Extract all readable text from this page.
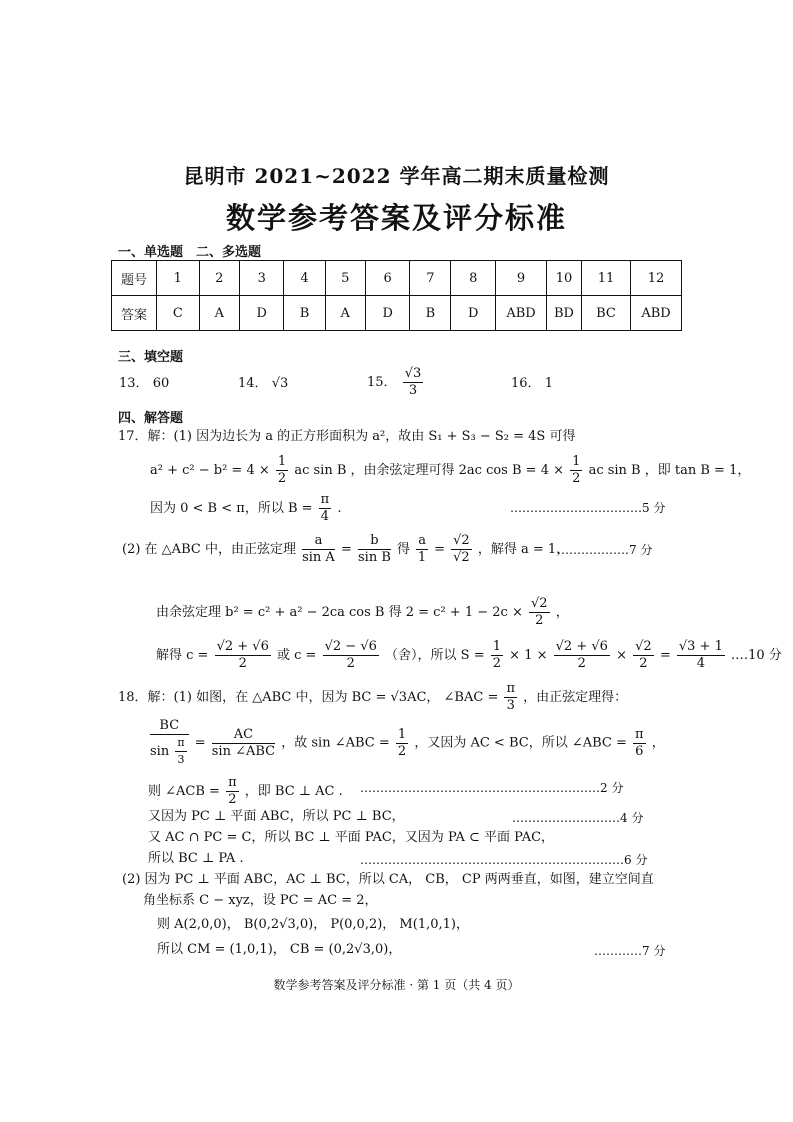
昆明市 2021~2022 学年高二期末质量检测
数学参考答案及评分标准
一、单选题　二、多选题
题号	1	2	3	4	5	6	7	8	9	10	11	12
答案	C	A	D	B	A	D	B	D	ABD	BD	BC	ABD
三、填空题
13． 60	14． √3	15． $\frac{√3}{3}$	16． 1
四、解答题
17．解：(1) 因为边长为 a 的正方形面积为 a²，故由 S₁ + S₃ − S₂ = 4S 可得
$a^2 + c^2 - b^2 = 4 \times \frac{1}{2}$ ac sin B ，由余弦定理可得 2ac $\cos B = 4 \times \frac{1}{2}$ ac sin B ，即 tan B = 1，
因为 0 < B < π，所以 $B = \frac{\pi}{4}$ .	……………………………5 分
(2) 在 △ABC 中，由正弦定理 $\frac{a}{\text{sin A}} = \frac{b}{\text{sin B}}$ 得 $\frac{a}{1} = \frac{√2}{√2}$ ，解得 a = 1，
………………7 分
由余弦定理 b² = c² + a² − 2ca cos B 得 $2 = c^2 + 1 - 2c \times \frac{√2}{2}$ ，
解得 $c = \frac{√2 + √6}{2}$ 或 $c = \frac{√2 - √6}{2}$ （舍），所以 $S = \frac{1}{2} \times 1 \times \frac{√2 + √6}{2} \times \frac{√2}{2} = \frac{√3 + 1}{4}$ .…10 分
18．解：(1) 如图，在 △ABC 中，因为 BC = √3AC， ∠BAC = $\frac{\pi}{3}$ ，由正弦定理得：
$\frac{BC}{\sin \frac{\pi}{3}} = \frac{AC}{\text{sin ∠ABC}}$ ，故 sin ∠ABC = $\frac{1}{2}$ ，又因为 AC < BC，所以 ∠ABC = $\frac{\pi}{6}$ ，
则 ∠ACB = $\frac{\pi}{2}$ ，即 BC ⊥ AC . ……………………………………………………2 分
又因为 PC ⊥ 平面 ABC，所以 PC ⊥ BC，	………………………4 分
又 AC ∩ PC = C，所以 BC ⊥ 平面 PAC，又因为 PA ⊂ 平面 PAC，
所以 BC ⊥ PA .	…………………………………………………………6 分
(2) 因为 PC ⊥ 平面 ABC，AC ⊥ BC，所以 CA， CB， CP 两两垂直，如图，建立空间直
角坐标系 C − xyz，设 PC = AC = 2，
则 A(2,0,0)， B(0,2√3,0)， P(0,0,2)， M(1,0,1)，
所以 CM = (1,0,1)， CB = (0,2√3,0)，	…………7 分
数学参考答案及评分标准 · 第 1 页（共 4 页）
